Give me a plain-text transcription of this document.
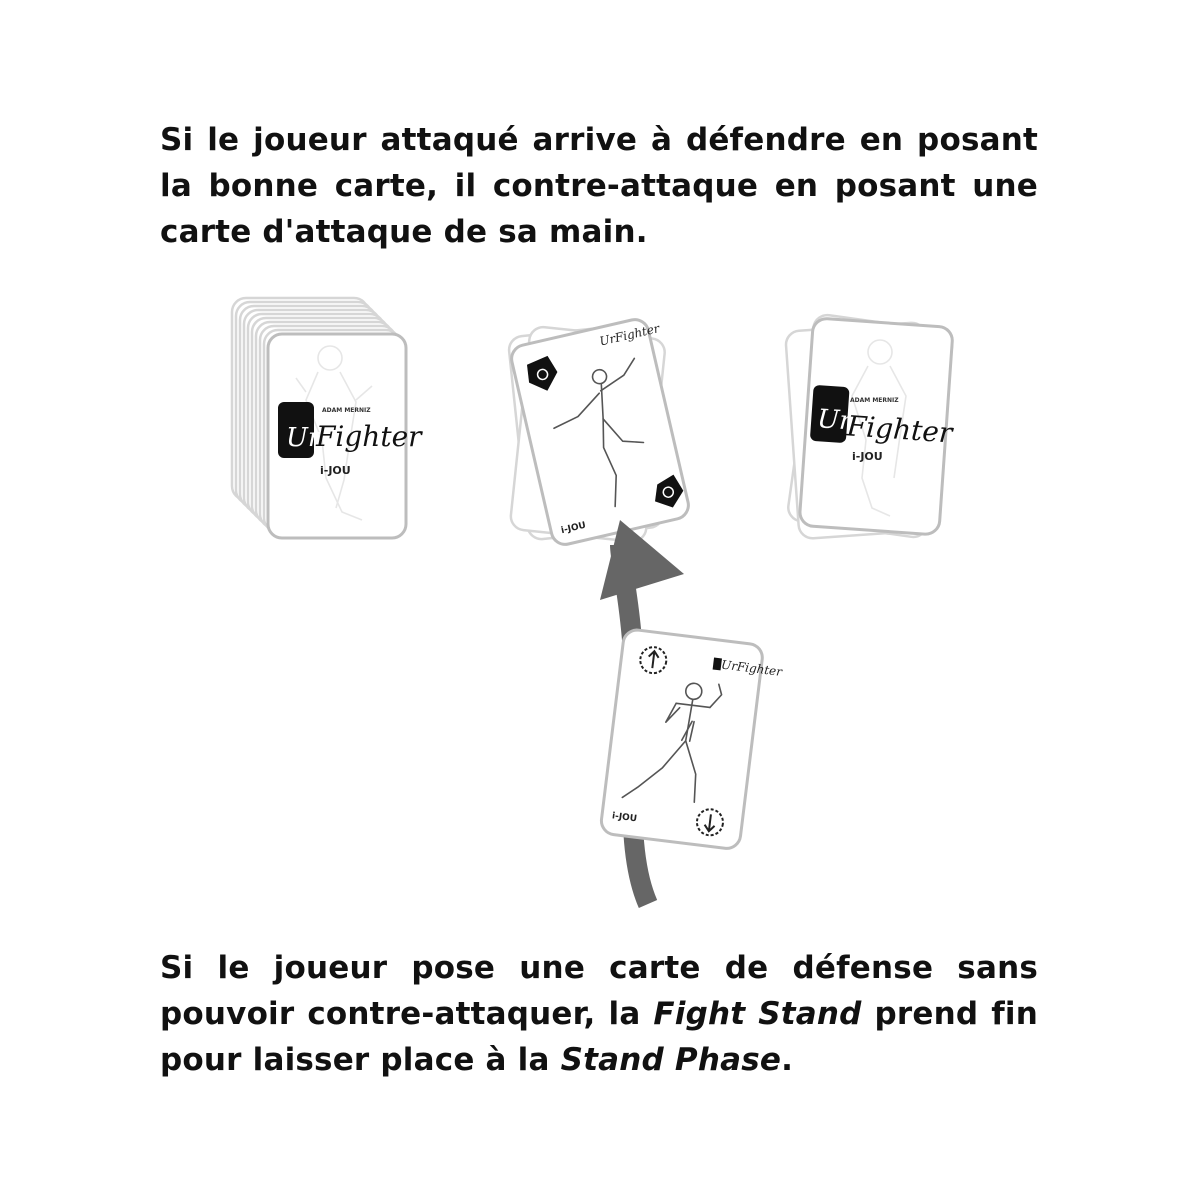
Si le joueur attaqué arrive à défendre en posant la bonne carte, il contre-attaque en posant une carte d'attaque de sa main.
ADAM MERNIZ
Ur
Fighter
i-JOU
UrFighter
i-JOU
ADAM MERNIZ
Ur
Fighter
i-JOU
UrFighter
i-JOU
Si le joueur pose une carte de défense sans pouvoir contre-attaquer, la Fight Stand prend fin pour laisser place à la Stand Phase.
